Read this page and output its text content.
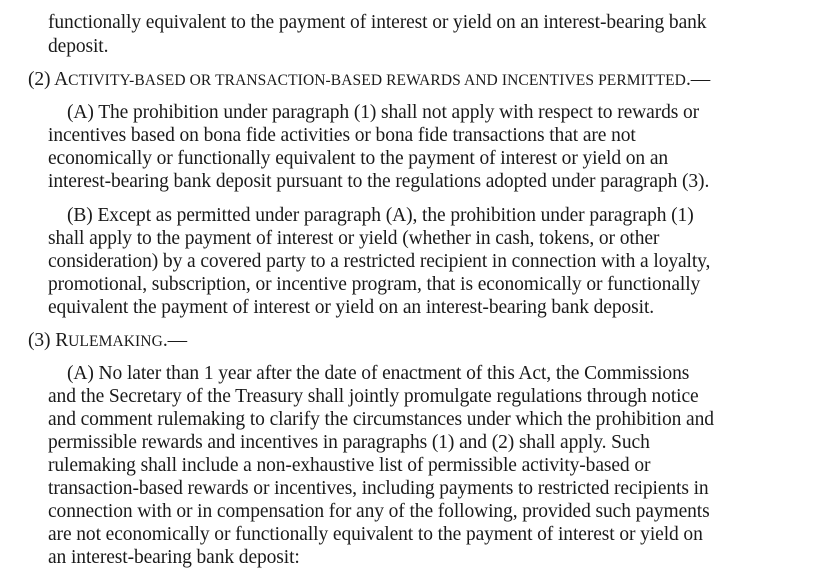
functionally equivalent to the payment of interest or yield on an interest-bearing bank
deposit.
(2) ACTIVITY-BASED OR TRANSACTION-BASED REWARDS AND INCENTIVES PERMITTED.—
(A) The prohibition under paragraph (1) shall not apply with respect to rewards or
incentives based on bona fide activities or bona fide transactions that are not
economically or functionally equivalent to the payment of interest or yield on an
interest-bearing bank deposit pursuant to the regulations adopted under paragraph (3).
(B) Except as permitted under paragraph (A), the prohibition under paragraph (1)
shall apply to the payment of interest or yield (whether in cash, tokens, or other
consideration) by a covered party to a restricted recipient in connection with a loyalty,
promotional, subscription, or incentive program, that is economically or functionally
equivalent the payment of interest or yield on an interest-bearing bank deposit.
(3) RULEMAKING.—
(A) No later than 1 year after the date of enactment of this Act, the Commissions
and the Secretary of the Treasury shall jointly promulgate regulations through notice
and comment rulemaking to clarify the circumstances under which the prohibition and
permissible rewards and incentives in paragraphs (1) and (2) shall apply. Such
rulemaking shall include a non-exhaustive list of permissible activity-based or
transaction-based rewards or incentives, including payments to restricted recipients in
connection with or in compensation for any of the following, provided such payments
are not economically or functionally equivalent to the payment of interest or yield on
an interest-bearing bank deposit:
